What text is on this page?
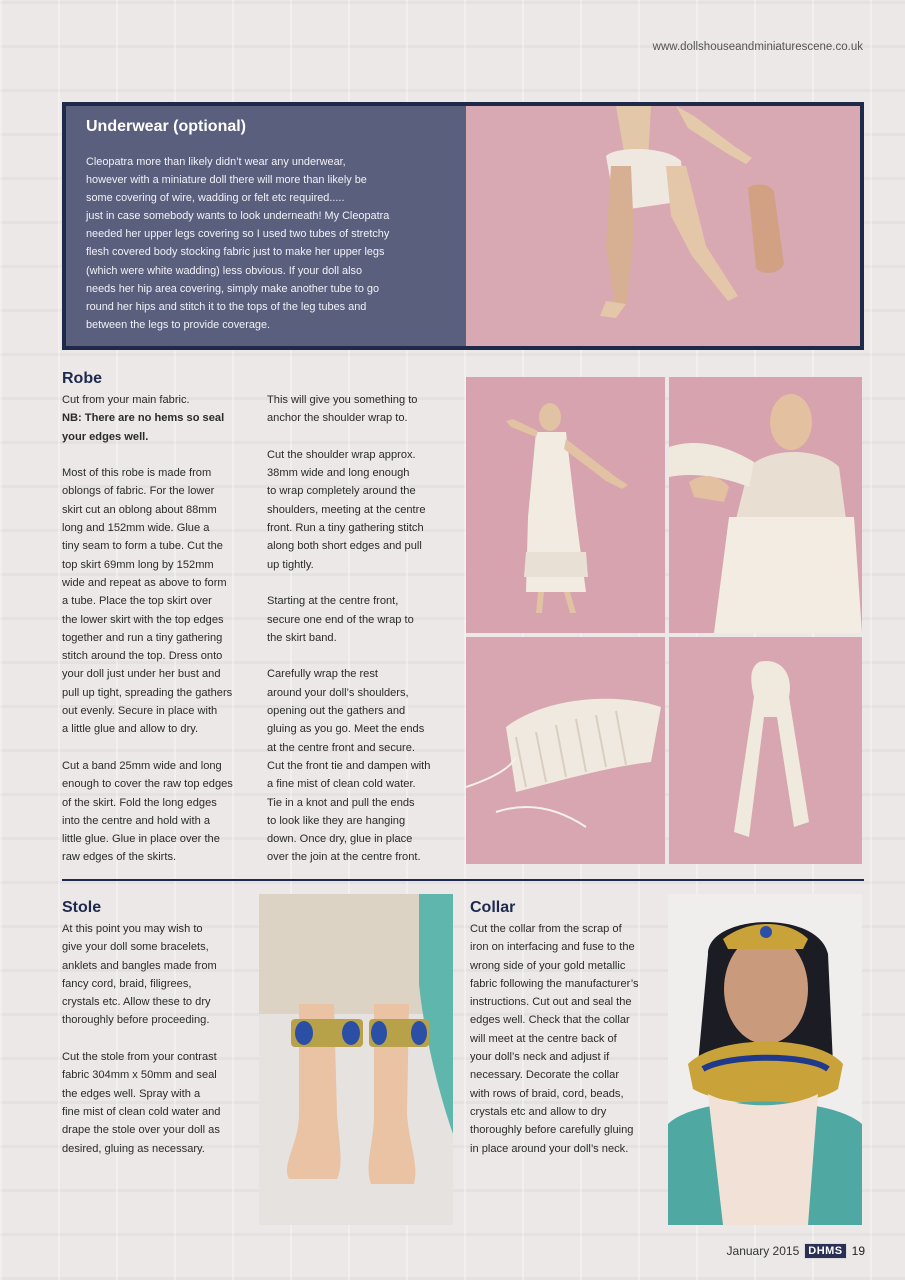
www.dollshouseandminiaturescene.co.uk
Underwear (optional)

Cleopatra more than likely didn’t wear any underwear,
however with a miniature doll there will more than likely be
some covering of wire, wadding or felt etc required.....
just in case somebody wants to look underneath! My Cleopatra
needed her upper legs covering so I used two tubes of stretchy
flesh covered body stocking fabric just to make her upper legs
(which were white wadding) less obvious. If your doll also
needs her hip area covering, simply make another tube to go
round her hips and stitch it to the tops of the leg tubes and
between the legs to provide coverage.

Robe

Cut from your main fabric.
NB: There are no hems so seal
your edges well.

Most of this robe is made from
oblongs of fabric. For the lower
skirt cut an oblong about 88mm
long and 152mm wide. Glue a
tiny seam to form a tube. Cut the
top skirt 69mm long by 152mm
wide and repeat as above to form
a tube. Place the top skirt over
the lower skirt with the top edges
together and run a tiny gathering
stitch around the top. Dress onto
your doll just under her bust and
pull up tight, spreading the gathers
out evenly. Secure in place with
a little glue and allow to dry.

Cut a band 25mm wide and long
enough to cover the raw top edges
of the skirt. Fold the long edges
into the centre and hold with a
little glue. Glue in place over the
raw edges of the skirts.

This will give you something to
anchor the shoulder wrap to.

Cut the shoulder wrap approx.
38mm wide and long enough
to wrap completely around the
shoulders, meeting at the centre
front. Run a tiny gathering stitch
along both short edges and pull
up tightly.

Starting at the centre front,
secure one end of the wrap to
the skirt band.

Carefully wrap the rest
around your doll’s shoulders,
opening out the gathers and
gluing as you go. Meet the ends
at the centre front and secure.
Cut the front tie and dampen with
a fine mist of clean cold water.
Tie in a knot and pull the ends
to look like they are hanging
down. Once dry, glue in place
over the join at the centre front.

Stole

At this point you may wish to
give your doll some bracelets,
anklets and bangles made from
fancy cord, braid, filigrees,
crystals etc. Allow these to dry
thoroughly before proceeding.

Cut the stole from your contrast
fabric 304mm x 50mm and seal
the edges well. Spray with a
fine mist of clean cold water and
drape the stole over your doll as
desired, gluing as necessary.

Collar

Cut the collar from the scrap of
iron on interfacing and fuse to the
wrong side of your gold metallic
fabric following the manufacturer’s
instructions. Cut out and seal the
edges well. Check that the collar
will meet at the centre back of
your doll’s neck and adjust if
necessary. Decorate the collar
with rows of braid, cord, beads,
crystals etc and allow to dry
thoroughly before carefully gluing
in place around your doll’s neck.

January 2015 DHMS 19
